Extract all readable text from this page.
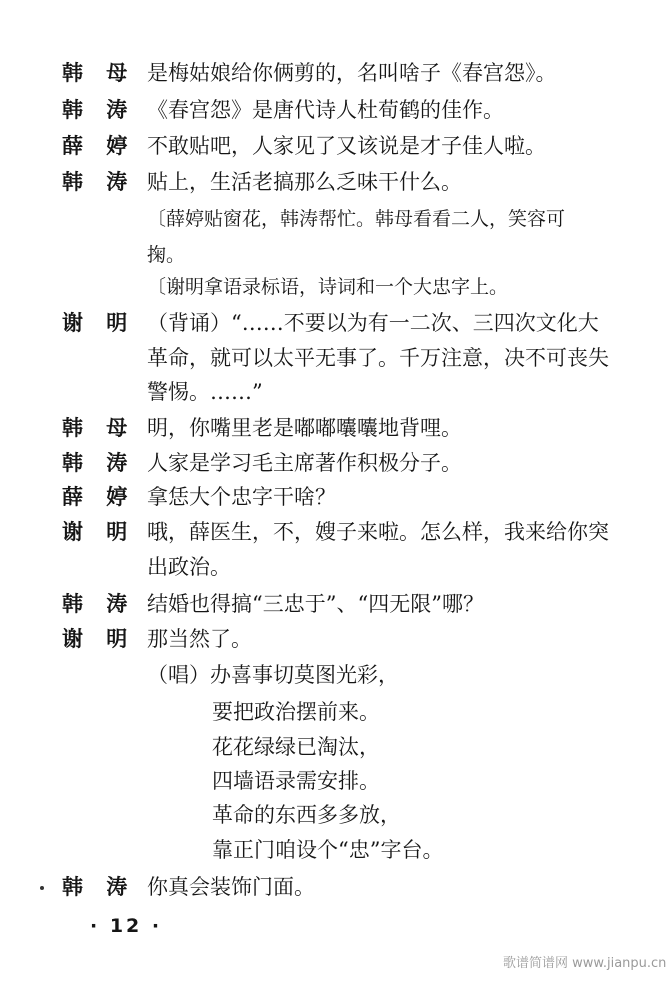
韩 母 是梅姑娘给你俩剪的，名叫啥子《春宫怨》。
韩 涛 《春宫怨》是唐代诗人杜荀鹤的佳作。
薛 婷 不敢贴吧，人家见了又该说是才子佳人啦。
韩 涛 贴上，生活老搞那么乏味干什么。
〔薛婷贴窗花，韩涛帮忙。韩母看看二人，笑容可
掬。
〔谢明拿语录标语，诗词和一个大忠字上。
谢 明 （背诵）“……不要以为有一二次、三四次文化大
革命，就可以太平无事了。千万注意，决不可丧失
警惕。……”
韩 母 明，你嘴里老是嘟嘟囔囔地背哩。
韩 涛 人家是学习毛主席著作积极分子。
薛 婷 拿恁大个忠字干啥？
谢 明 哦，薛医生，不，嫂子来啦。怎么样，我来给你突
出政治。
韩 涛 结婚也得搞“三忠于”、“四无限”哪？
谢 明 那当然了。
（唱）办喜事切莫图光彩，
要把政治摆前来。
花花绿绿已淘汰，
四墙语录需安排。
革命的东西多多放，
靠正门咱设个“忠”字台。
韩 涛 你真会装饰门面。
· 12 ·
歌谱简谱网 www.jianpu.cn
